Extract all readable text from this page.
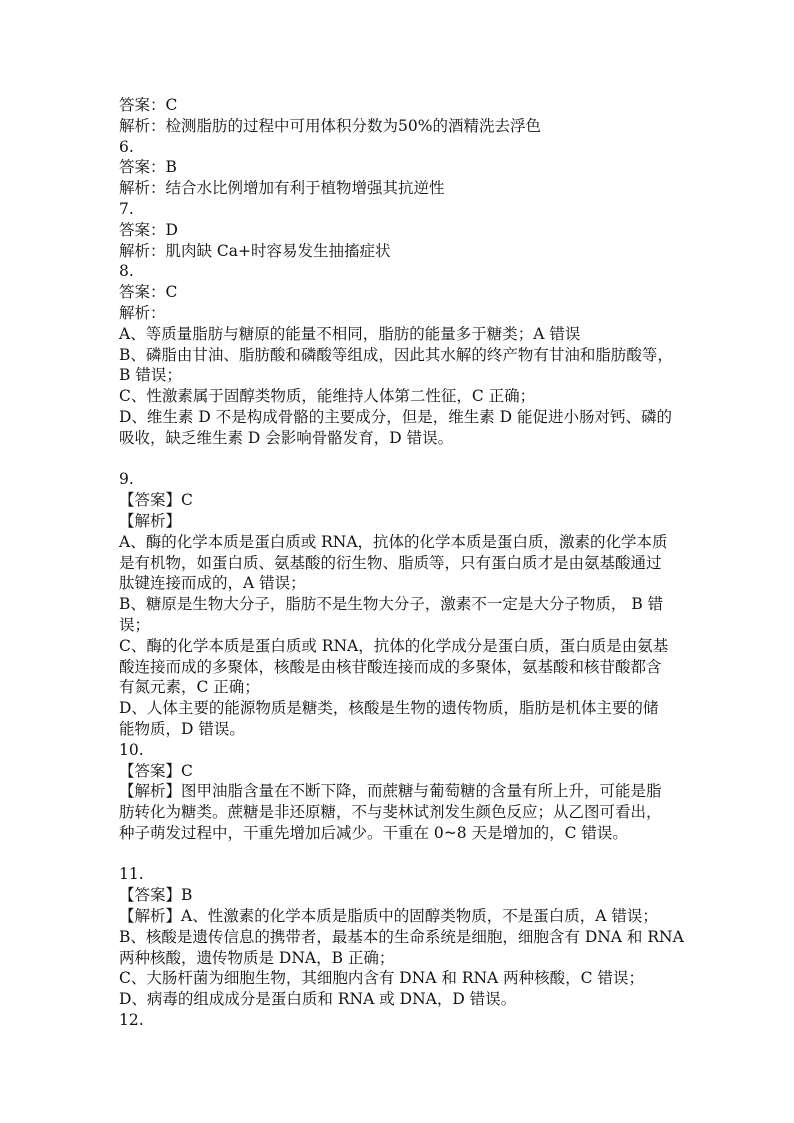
答案：C
解析：检测脂肪的过程中可用体积分数为50%的酒精洗去浮色
6.
答案：B
解析：结合水比例增加有利于植物增强其抗逆性
7.
答案：D
解析：肌肉缺 Ca+时容易发生抽搐症状
8.
答案：C
解析：
A、等质量脂肪与糖原的能量不相同，脂肪的能量多于糖类；A 错误
B、磷脂由甘油、脂肪酸和磷酸等组成，因此其水解的终产物有甘油和脂肪酸等，
B 错误；
C、性激素属于固醇类物质，能维持人体第二性征，C 正确；
D、维生素 D 不是构成骨骼的主要成分，但是，维生素 D 能促进小肠对钙、磷的
吸收，缺乏维生素 D 会影响骨骼发育，D 错误。
9.
【答案】C
【解析】
A、酶的化学本质是蛋白质或 RNA，抗体的化学本质是蛋白质，激素的化学本质
是有机物，如蛋白质、氨基酸的衍生物、脂质等，只有蛋白质才是由氨基酸通过
肽键连接而成的，A 错误；
B、糖原是生物大分子，脂肪不是生物大分子，激素不一定是大分子物质， B 错
误；
C、酶的化学本质是蛋白质或 RNA，抗体的化学成分是蛋白质，蛋白质是由氨基
酸连接而成的多聚体，核酸是由核苷酸连接而成的多聚体，氨基酸和核苷酸都含
有氮元素，C 正确；
D、人体主要的能源物质是糖类，核酸是生物的遗传物质，脂肪是机体主要的储
能物质，D 错误。
10.
【答案】C
【解析】图甲油脂含量在不断下降，而蔗糖与葡萄糖的含量有所上升，可能是脂
肪转化为糖类。蔗糖是非还原糖，不与斐林试剂发生颜色反应；从乙图可看出，
种子萌发过程中，干重先增加后减少。干重在 0~8 天是增加的，C 错误。
11.
【答案】B
【解析】A、性激素的化学本质是脂质中的固醇类物质，不是蛋白质，A 错误；
B、核酸是遗传信息的携带者，最基本的生命系统是细胞，细胞含有 DNA 和 RNA
两种核酸，遗传物质是 DNA，B 正确；
C、大肠杆菌为细胞生物，其细胞内含有 DNA 和 RNA 两种核酸，C 错误；
D、病毒的组成成分是蛋白质和 RNA 或 DNA，D 错误。
12.
